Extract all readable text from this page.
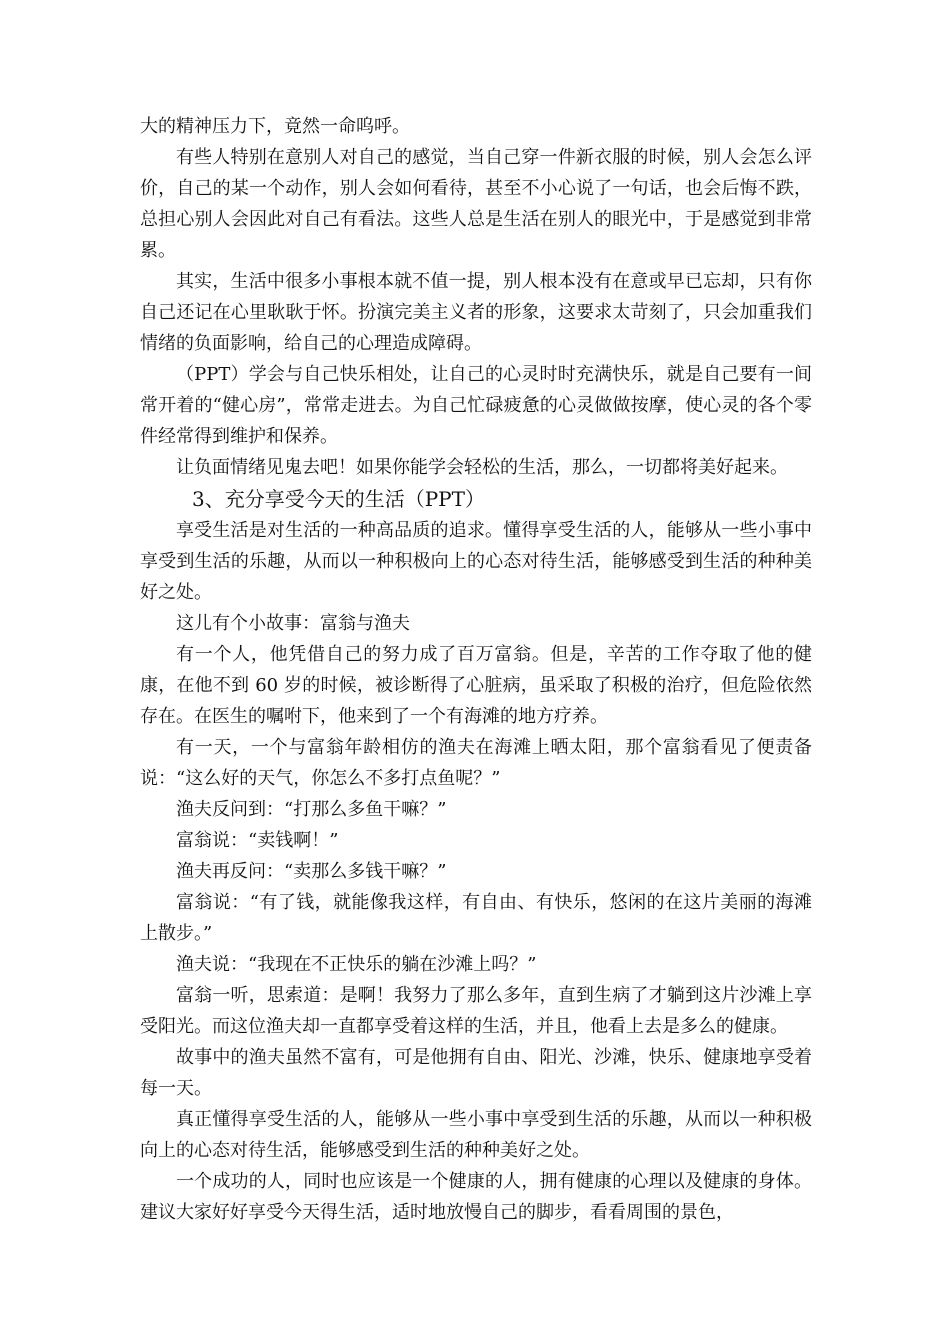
大的精神压力下，竟然一命呜呼。

有些人特别在意别人对自己的感觉，当自己穿一件新衣服的时候，别人会怎么评价，自己的某一个动作，别人会如何看待，甚至不小心说了一句话，也会后悔不跌，总担心别人会因此对自己有看法。这些人总是生活在别人的眼光中，于是感觉到非常累。

其实，生活中很多小事根本就不值一提，别人根本没有在意或早已忘却，只有你自己还记在心里耿耿于怀。扮演完美主义者的形象，这要求太苛刻了，只会加重我们情绪的负面影响，给自己的心理造成障碍。

（PPT）学会与自己快乐相处，让自己的心灵时时充满快乐，就是自己要有一间常开着的“健心房”，常常走进去。为自己忙碌疲惫的心灵做做按摩，使心灵的各个零件经常得到维护和保养。

让负面情绪见鬼去吧！如果你能学会轻松的生活，那么，一切都将美好起来。

3、充分享受今天的生活（PPT）

享受生活是对生活的一种高品质的追求。懂得享受生活的人，能够从一些小事中享受到生活的乐趣，从而以一种积极向上的心态对待生活，能够感受到生活的种种美好之处。

这儿有个小故事：富翁与渔夫

有一个人，他凭借自己的努力成了百万富翁。但是，辛苦的工作夺取了他的健康，在他不到 60 岁的时候，被诊断得了心脏病，虽采取了积极的治疗，但危险依然存在。在医生的嘱咐下，他来到了一个有海滩的地方疗养。

有一天，一个与富翁年龄相仿的渔夫在海滩上晒太阳，那个富翁看见了便责备说：“这么好的天气，你怎么不多打点鱼呢？”

渔夫反问到：“打那么多鱼干嘛？”

富翁说：“卖钱啊！”

渔夫再反问：“卖那么多钱干嘛？”

富翁说：“有了钱，就能像我这样，有自由、有快乐，悠闲的在这片美丽的海滩上散步。”

渔夫说：“我现在不正快乐的躺在沙滩上吗？”

富翁一听，思索道：是啊！我努力了那么多年，直到生病了才躺到这片沙滩上享受阳光。而这位渔夫却一直都享受着这样的生活，并且，他看上去是多么的健康。

故事中的渔夫虽然不富有，可是他拥有自由、阳光、沙滩，快乐、健康地享受着每一天。

真正懂得享受生活的人，能够从一些小事中享受到生活的乐趣，从而以一种积极向上的心态对待生活，能够感受到生活的种种美好之处。

一个成功的人，同时也应该是一个健康的人，拥有健康的心理以及健康的身体。建议大家好好享受今天得生活，适时地放慢自己的脚步，看看周围的景色，
